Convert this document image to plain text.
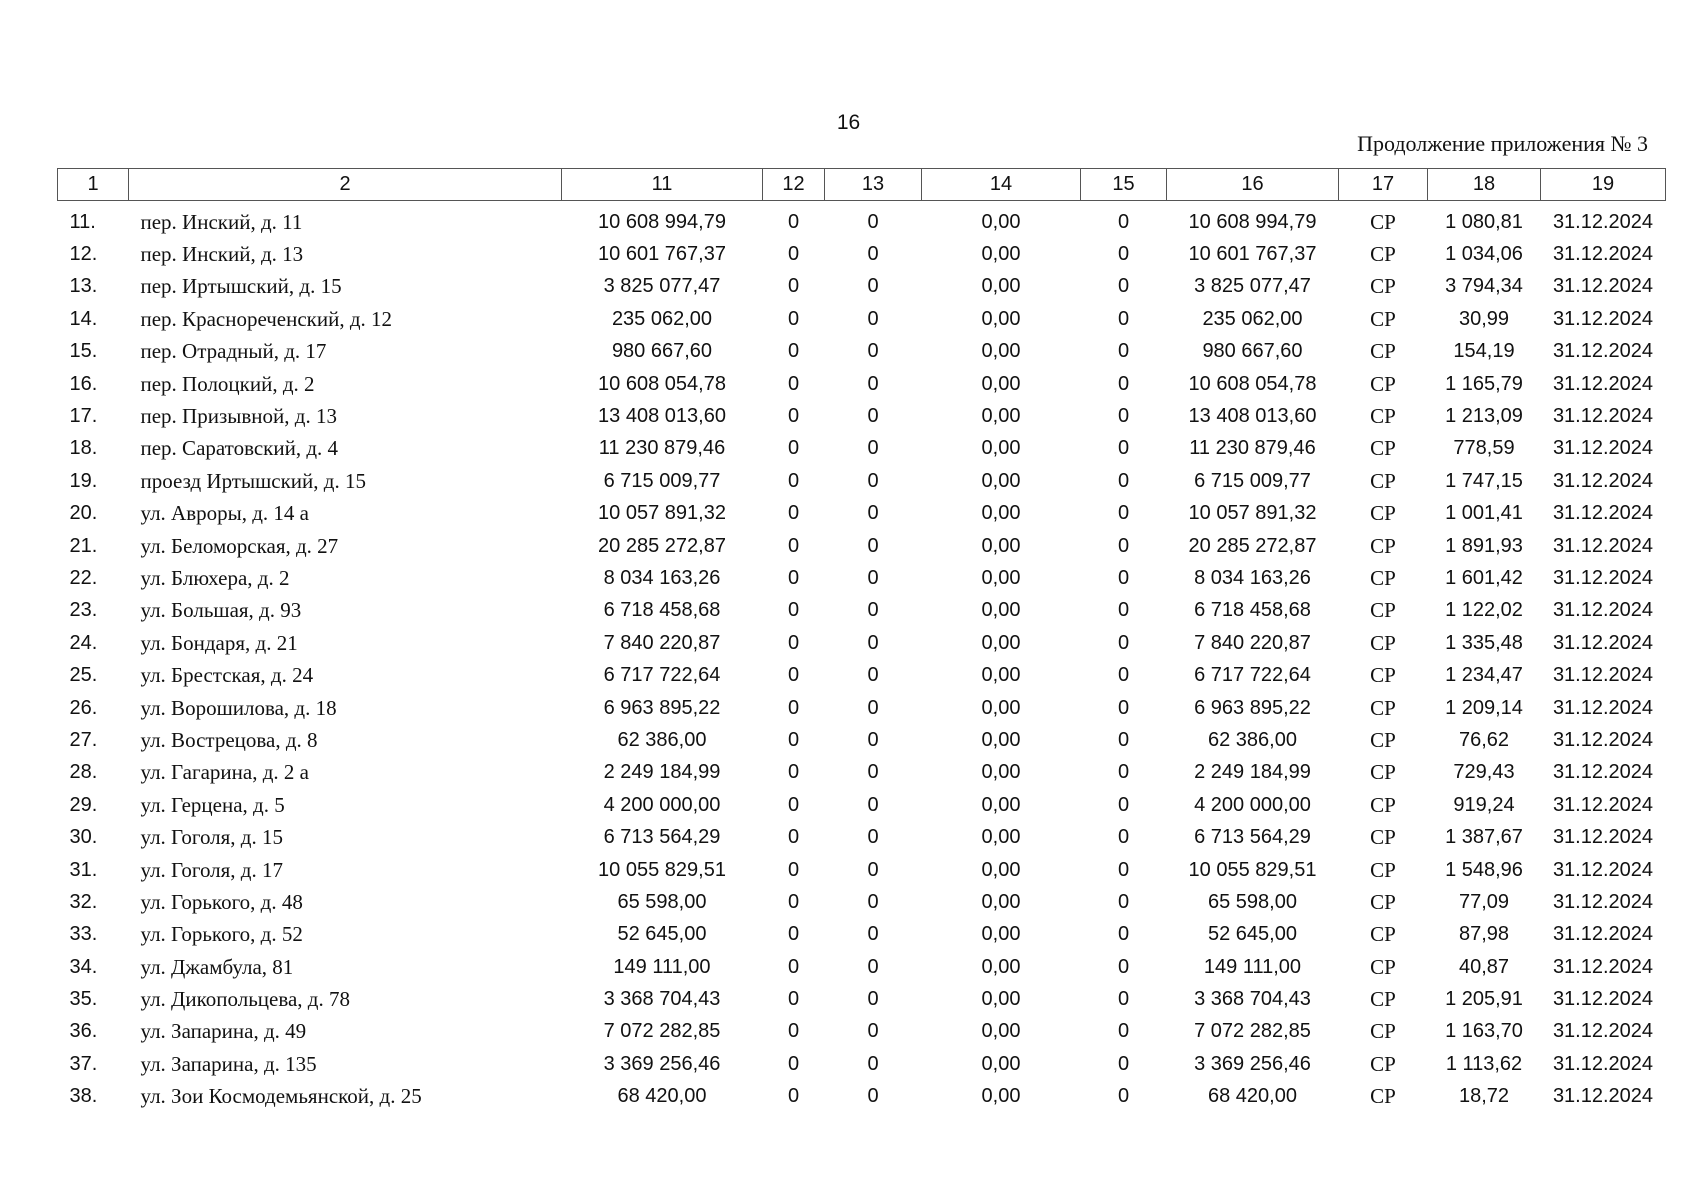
16
Продолжение приложения № 3
1	2	11	12	13	14	15	16	17	18	19

11.	пер. Инский, д. 11	10 608 994,79	0	0	0,00	0	10 608 994,79	СР	1 080,81	31.12.2024
12.	пер. Инский, д. 13	10 601 767,37	0	0	0,00	0	10 601 767,37	СР	1 034,06	31.12.2024
13.	пер. Иртышский, д. 15	3 825 077,47	0	0	0,00	0	3 825 077,47	СР	3 794,34	31.12.2024
14.	пер. Краснореченский, д. 12	235 062,00	0	0	0,00	0	235 062,00	СР	30,99	31.12.2024
15.	пер. Отрадный, д. 17	980 667,60	0	0	0,00	0	980 667,60	СР	154,19	31.12.2024
16.	пер. Полоцкий, д. 2	10 608 054,78	0	0	0,00	0	10 608 054,78	СР	1 165,79	31.12.2024
17.	пер. Призывной, д. 13	13 408 013,60	0	0	0,00	0	13 408 013,60	СР	1 213,09	31.12.2024
18.	пер. Саратовский, д. 4	11 230 879,46	0	0	0,00	0	11 230 879,46	СР	778,59	31.12.2024
19.	проезд Иртышский, д. 15	6 715 009,77	0	0	0,00	0	6 715 009,77	СР	1 747,15	31.12.2024
20.	ул. Авроры, д. 14 а	10 057 891,32	0	0	0,00	0	10 057 891,32	СР	1 001,41	31.12.2024
21.	ул. Беломорская, д. 27	20 285 272,87	0	0	0,00	0	20 285 272,87	СР	1 891,93	31.12.2024
22.	ул. Блюхера, д. 2	8 034 163,26	0	0	0,00	0	8 034 163,26	СР	1 601,42	31.12.2024
23.	ул. Большая, д. 93	6 718 458,68	0	0	0,00	0	6 718 458,68	СР	1 122,02	31.12.2024
24.	ул. Бондаря, д. 21	7 840 220,87	0	0	0,00	0	7 840 220,87	СР	1 335,48	31.12.2024
25.	ул. Брестская, д. 24	6 717 722,64	0	0	0,00	0	6 717 722,64	СР	1 234,47	31.12.2024
26.	ул. Ворошилова, д. 18	6 963 895,22	0	0	0,00	0	6 963 895,22	СР	1 209,14	31.12.2024
27.	ул. Вострецова, д. 8	62 386,00	0	0	0,00	0	62 386,00	СР	76,62	31.12.2024
28.	ул. Гагарина, д. 2 а	2 249 184,99	0	0	0,00	0	2 249 184,99	СР	729,43	31.12.2024
29.	ул. Герцена, д. 5	4 200 000,00	0	0	0,00	0	4 200 000,00	СР	919,24	31.12.2024
30.	ул. Гоголя, д. 15	6 713 564,29	0	0	0,00	0	6 713 564,29	СР	1 387,67	31.12.2024
31.	ул. Гоголя, д. 17	10 055 829,51	0	0	0,00	0	10 055 829,51	СР	1 548,96	31.12.2024
32.	ул. Горького, д. 48	65 598,00	0	0	0,00	0	65 598,00	СР	77,09	31.12.2024
33.	ул. Горького, д. 52	52 645,00	0	0	0,00	0	52 645,00	СР	87,98	31.12.2024
34.	ул. Джамбула, 81	149 111,00	0	0	0,00	0	149 111,00	СР	40,87	31.12.2024
35.	ул. Дикопольцева, д. 78	3 368 704,43	0	0	0,00	0	3 368 704,43	СР	1 205,91	31.12.2024
36.	ул. Запарина, д. 49	7 072 282,85	0	0	0,00	0	7 072 282,85	СР	1 163,70	31.12.2024
37.	ул. Запарина, д. 135	3 369 256,46	0	0	0,00	0	3 369 256,46	СР	1 113,62	31.12.2024
38.	ул. Зои Космодемьянской, д. 25	68 420,00	0	0	0,00	0	68 420,00	СР	18,72	31.12.2024
